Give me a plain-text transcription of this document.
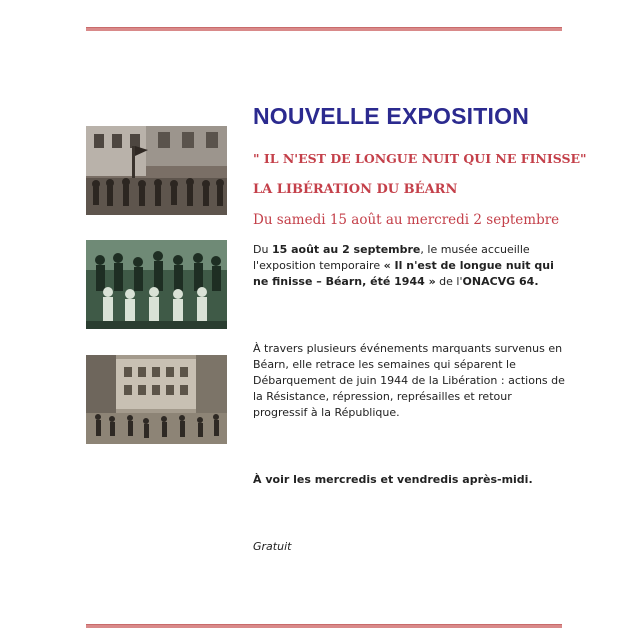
NOUVELLE EXPOSITION
" IL N'EST DE LONGUE NUIT QUI NE FINISSE"
LA LIBÉRATION DU BÉARN
Du samedi 15 août au mercredi 2 septembre
Du 15 août au 2 septembre, le musée accueille l'exposition temporaire « Il n'est de longue nuit qui ne finisse – Béarn, été 1944 » de l'ONACVG 64.
À travers plusieurs événements marquants survenus en Béarn, elle retrace les semaines qui séparent le Débarquement de juin 1944 de la Libération : actions de la Résistance, répression, représailles et retour progressif à la République.
À voir les mercredis et vendredis après-midi.
Gratuit
